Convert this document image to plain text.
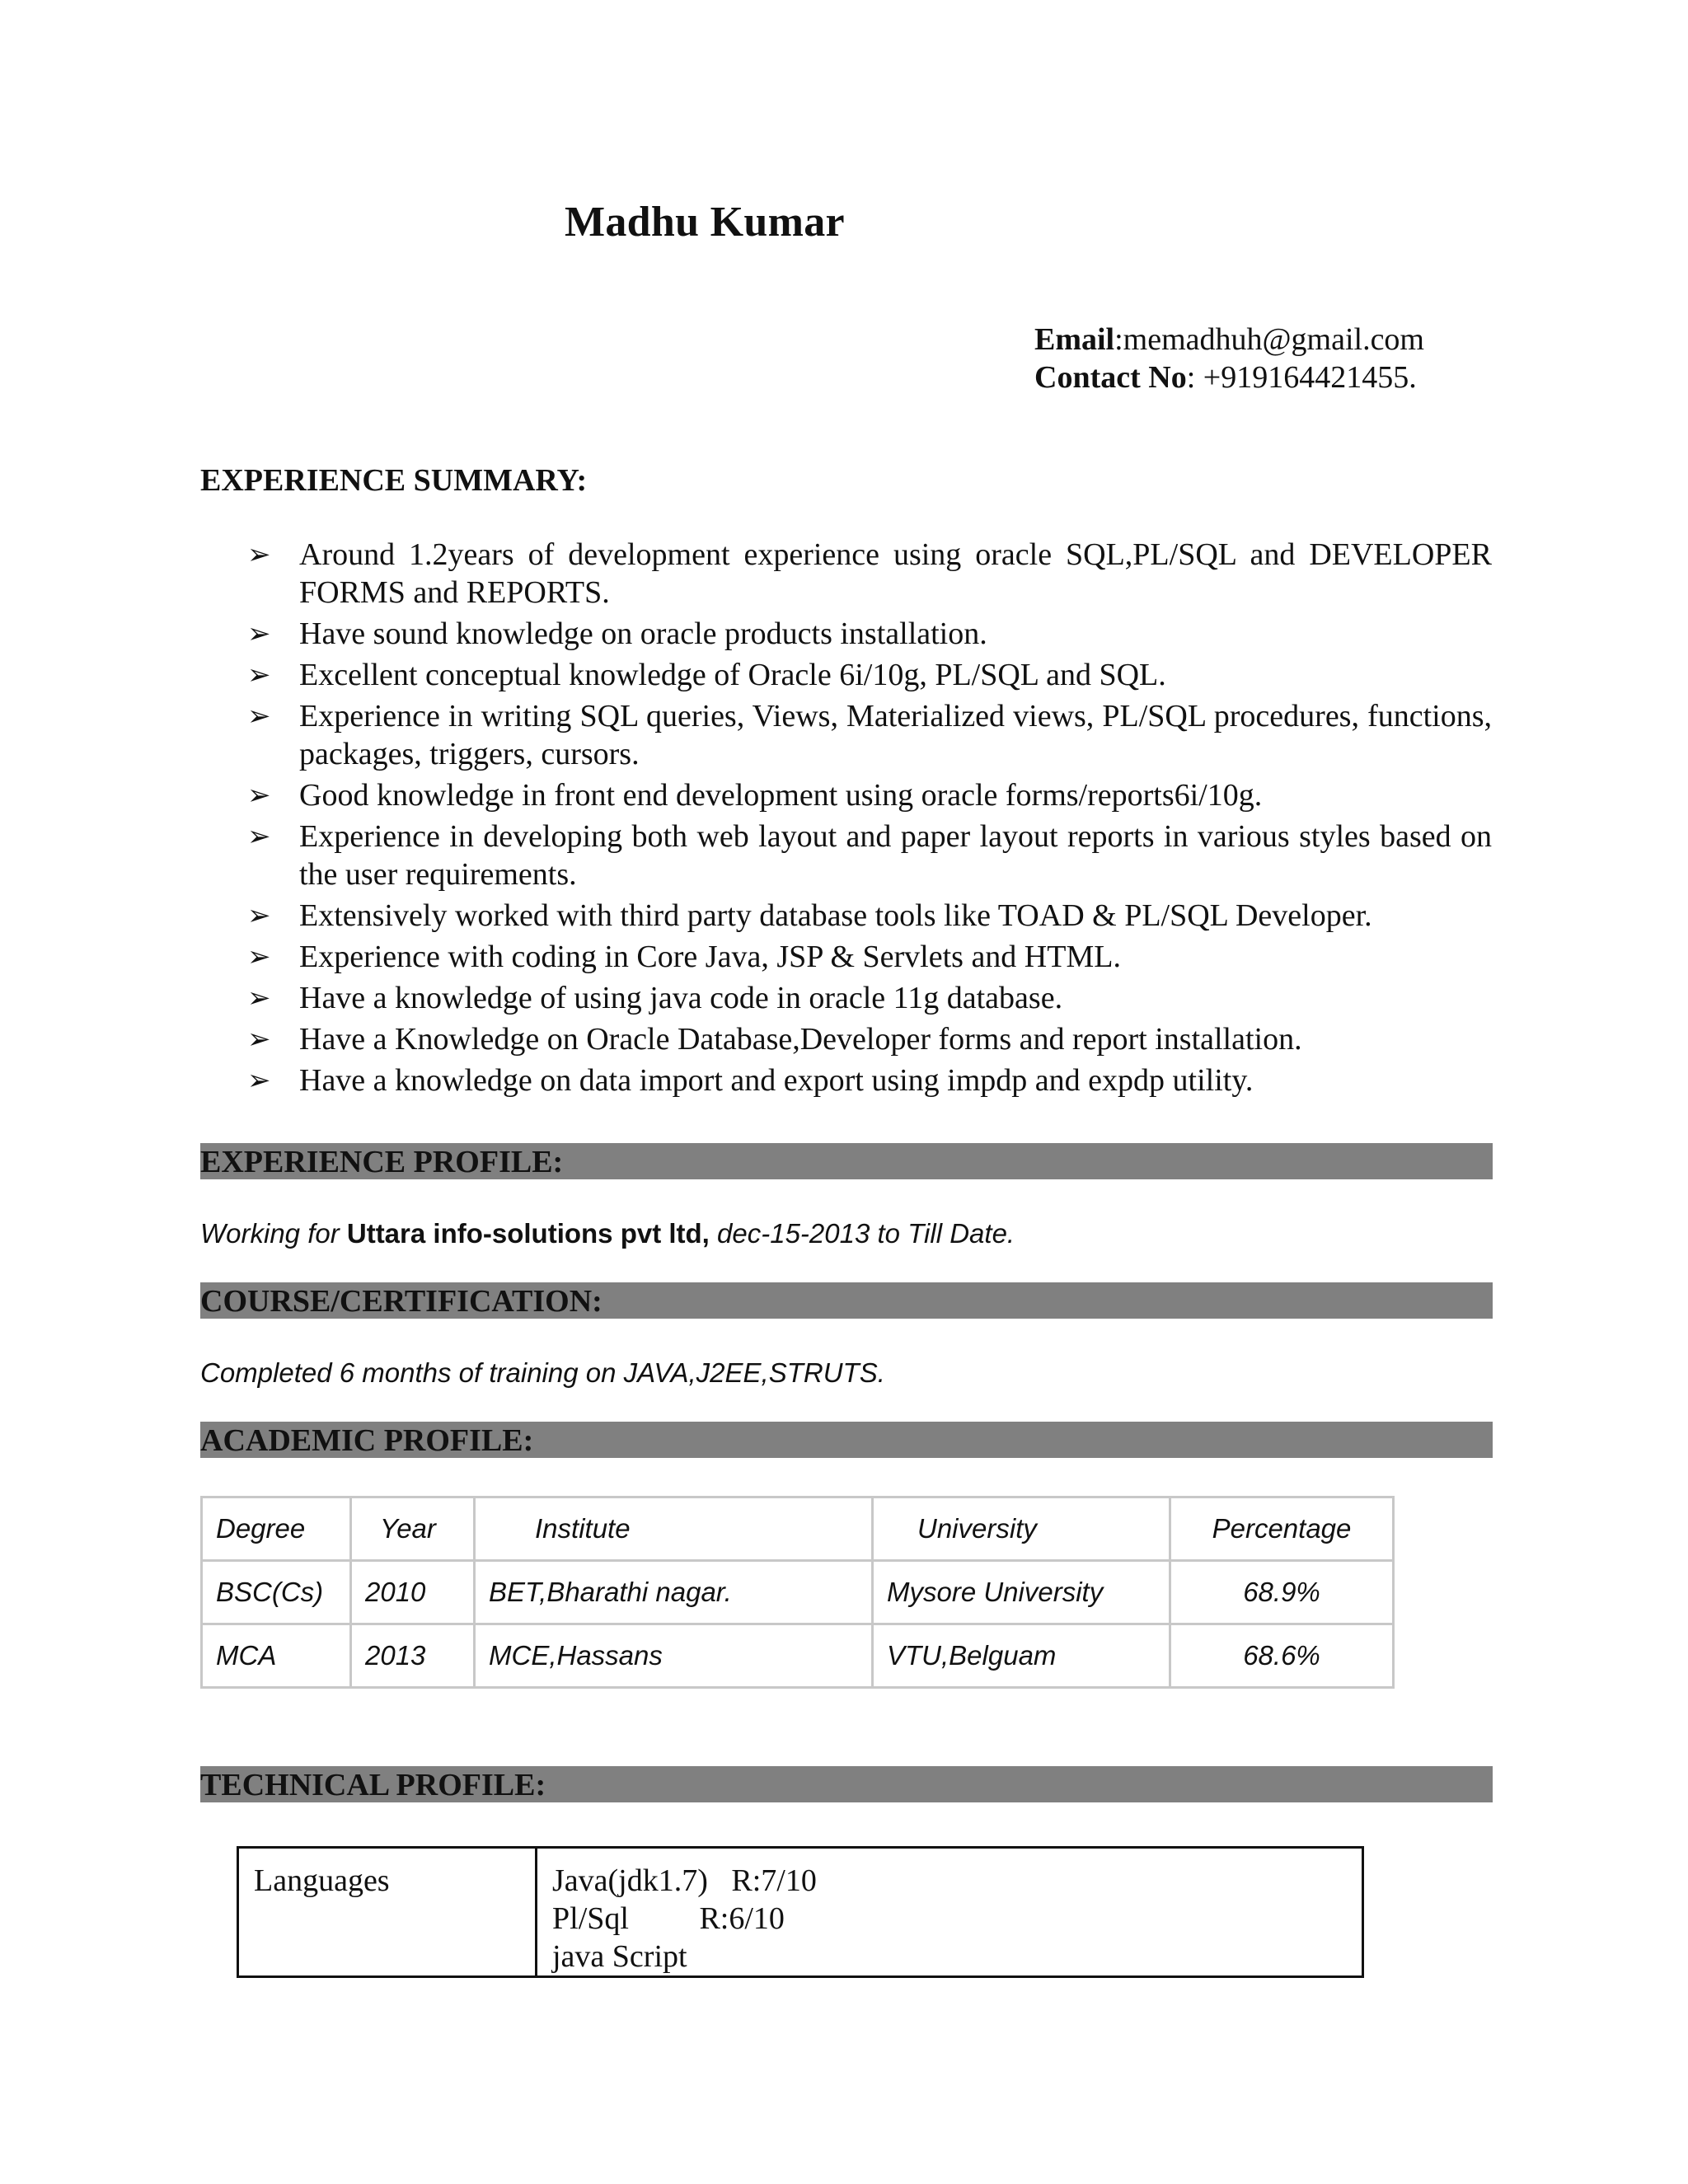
Madhu Kumar
Email:memadhuh@gmail.com
Contact No: +919164421455.
EXPERIENCE SUMMARY:
➢ Around 1.2years of development experience using oracle SQL,PL/SQL and DEVELOPER FORMS and REPORTS.
➢ Have sound knowledge on oracle products installation.
➢ Excellent conceptual knowledge of Oracle 6i/10g, PL/SQL and SQL.
➢ Experience in writing SQL queries, Views, Materialized views, PL/SQL procedures, functions, packages, triggers, cursors.
➢ Good knowledge in front end development using oracle forms/reports6i/10g.
➢ Experience in developing both web layout and paper layout reports in various styles based on the user requirements.
➢ Extensively worked with third party database tools like TOAD & PL/SQL Developer.
➢ Experience with coding in Core Java, JSP & Servlets and HTML.
➢ Have a knowledge of using java code in oracle 11g database.
➢ Have a Knowledge on Oracle Database,Developer forms and report installation.
➢ Have a knowledge on data import and export using impdp and expdp utility.
EXPERIENCE PROFILE:
Working for Uttara info-solutions pvt ltd, dec-15-2013 to Till Date.
COURSE/CERTIFICATION:
Completed 6 months of training on JAVA,J2EE,STRUTS.
ACADEMIC PROFILE:
Degree	Year	Institute	University	Percentage
BSC(Cs)	2010	BET,Bharathi nagar.	Mysore University	68.9%
MCA	2013	MCE,Hassans	VTU,Belguam	68.6%
TECHNICAL PROFILE:
Languages	Java(jdk1.7)   R:7/10
Pl/Sql         R:6/10
java Script
